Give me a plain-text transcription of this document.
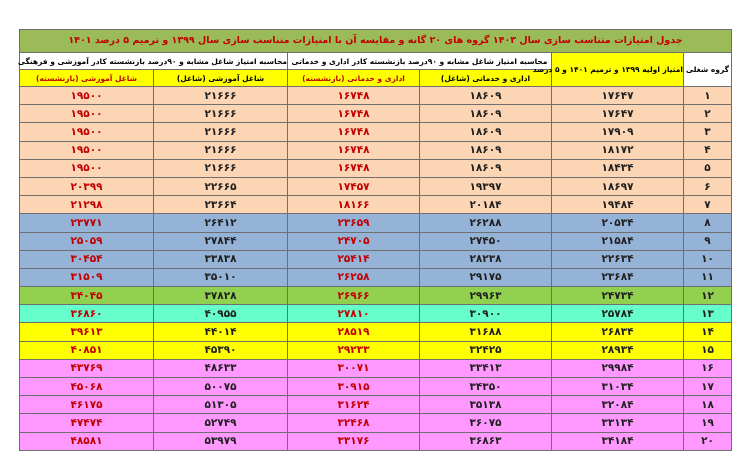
جدول امتیازات متناسب سازی سال ۱۴۰۳ گروه های ۲۰ گانه و مقایسه آن با امتیازات متناسب سازی سال ۱۳۹۹ و ترمیم ۵ درصد ۱۴۰۱					
گروه شغلی	امتیاز اولیه ۱۳۹۹ و ترمیم ۱۴۰۱ و ۵ درصد	محاسبه امتیاز شاغل مشابه و ۹۰درصد بازنشسته کادر اداری و خدماتی		محاسبه امتیاز شاغل مشابه و ۹۰درصد بازنشسته کادر آموزشی و فرهنگی	
		اداری و خدماتی (شاغل)	اداری و خدماتی (بازنشسته)	شاغل آموزشی (شاغل)	شاغل آموزشی (بازنشسته)
۱	۱۷۶۴۷	۱۸۶۰۹	۱۶۷۴۸	۲۱۶۶۶	۱۹۵۰۰
۲	۱۷۶۴۷	۱۸۶۰۹	۱۶۷۴۸	۲۱۶۶۶	۱۹۵۰۰
۳	۱۷۹۰۹	۱۸۶۰۹	۱۶۷۴۸	۲۱۶۶۶	۱۹۵۰۰
۴	۱۸۱۷۲	۱۸۶۰۹	۱۶۷۴۸	۲۱۶۶۶	۱۹۵۰۰
۵	۱۸۴۳۴	۱۸۶۰۹	۱۶۷۴۸	۲۱۶۶۶	۱۹۵۰۰
۶	۱۸۶۹۷	۱۹۳۹۷	۱۷۴۵۷	۲۲۶۶۵	۲۰۳۹۹
۷	۱۹۴۸۴	۲۰۱۸۴	۱۸۱۶۶	۲۳۶۶۴	۲۱۲۹۸
۸	۲۰۵۳۴	۲۶۲۸۸	۲۳۶۵۹	۲۶۴۱۲	۲۳۷۷۱
۹	۲۱۵۸۴	۲۷۴۵۰	۲۴۷۰۵	۲۷۸۴۴	۲۵۰۵۹
۱۰	۲۲۶۳۴	۲۸۲۳۸	۲۵۴۱۴	۳۳۸۳۸	۳۰۴۵۴
۱۱	۲۳۶۸۴	۲۹۱۷۵	۲۶۲۵۸	۳۵۰۱۰	۳۱۵۰۹
۱۲	۲۴۷۳۴	۲۹۹۶۳	۲۶۹۶۶	۳۷۸۲۸	۳۴۰۴۵
۱۳	۲۵۷۸۴	۳۰۹۰۰	۲۷۸۱۰	۴۰۹۵۵	۳۶۸۶۰
۱۴	۲۶۸۳۴	۳۱۶۸۸	۲۸۵۱۹	۴۴۰۱۴	۳۹۶۱۳
۱۵	۲۸۹۳۴	۳۲۴۲۵	۲۹۲۳۳	۴۵۳۹۰	۴۰۸۵۱
۱۶	۲۹۹۸۴	۳۳۴۱۳	۳۰۰۷۱	۴۸۶۳۳	۴۳۷۶۹
۱۷	۳۱۰۳۴	۳۴۳۵۰	۳۰۹۱۵	۵۰۰۷۵	۴۵۰۶۸
۱۸	۳۲۰۸۴	۳۵۱۳۸	۳۱۶۲۴	۵۱۳۰۵	۴۶۱۷۵
۱۹	۳۳۱۳۴	۳۶۰۷۵	۳۲۴۶۸	۵۲۷۴۹	۴۷۴۷۴
۲۰	۳۴۱۸۴	۳۶۸۶۳	۳۳۱۷۶	۵۳۹۷۹	۴۸۵۸۱
